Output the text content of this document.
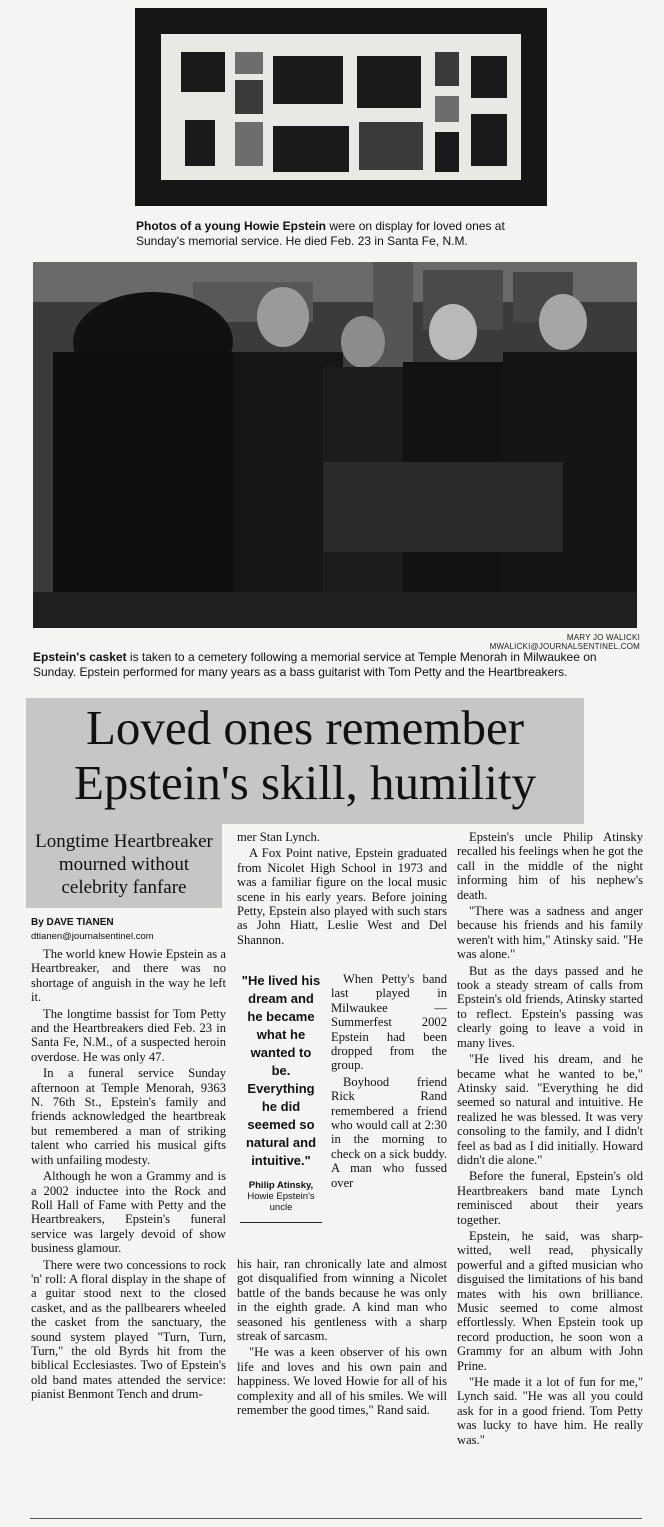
Photos of a young Howie Epstein were on display for loved ones at Sunday's memorial service. He died Feb. 23 in Santa Fe, N.M.
MARY JO WALICKI MWALICKI@JOURNALSENTINEL.COM
Epstein's casket is taken to a cemetery following a memorial service at Temple Menorah in Milwaukee on Sunday. Epstein performed for many years as a bass guitarist with Tom Petty and the Heartbreakers.
Loved ones remember Epstein's skill, humility
Longtime Heartbreaker mourned without celebrity fanfare
By DAVE TIANEN
dtianen@journalsentinel.com

The world knew Howie Epstein as a Heartbreaker, and there was no shortage of anguish in the way he left it.

The longtime bassist for Tom Petty and the Heartbreakers died Feb. 23 in Santa Fe, N.M., of a suspected heroin overdose. He was only 47.

In a funeral service Sunday afternoon at Temple Menorah, 9363 N. 76th St., Epstein's family and friends acknowledged the heartbreak but remembered a man of striking talent who carried his musical gifts with unfailing modesty.

Although he won a Grammy and is a 2002 inductee into the Rock and Roll Hall of Fame with Petty and the Heartbreakers, Epstein's funeral service was largely devoid of show business glamour.

There were two concessions to rock 'n' roll: A floral display in the shape of a guitar stood next to the closed casket, and as the pallbearers wheeled the casket from the sanctuary, the sound system played "Turn, Turn, Turn," the old Byrds hit from the biblical Ecclesiastes. Two of Epstein's old band mates attended the service: pianist Benmont Tench and drum-

mer Stan Lynch.

A Fox Point native, Epstein graduated from Nicolet High School in 1973 and was a familiar figure on the local music scene in his early years. Before joining Petty, Epstein also played with such stars as John Hiatt, Leslie West and Del Shannon.

"He lived his dream and he became what he wanted to be. Everything he did seemed so natural and intuitive."
Philip Atinsky,
Howie Epstein's uncle

When Petty's band last played in Milwaukee — Summerfest 2002 Epstein had been dropped from the group.

Boyhood friend Rick Rand remembered a friend who would call at 2:30 in the morning to check on a sick buddy. A man who fussed over

his hair, ran chronically late and almost got disqualified from winning a Nicolet battle of the bands because he was only in the eighth grade. A kind man who seasoned his gentleness with a sharp streak of sarcasm.

"He was a keen observer of his own life and loves and his own pain and happiness. We loved Howie for all of his complexity and all of his smiles. We will remember the good times," Rand said.

Epstein's uncle Philip Atinsky recalled his feelings when he got the call in the middle of the night informing him of his nephew's death.

"There was a sadness and anger because his friends and his family weren't with him," Atinsky said. "He was alone."

But as the days passed and he took a steady stream of calls from Epstein's old friends, Atinsky started to reflect. Epstein's passing was clearly going to leave a void in many lives.

"He lived his dream, and he became what he wanted to be," Atinsky said. "Everything he did seemed so natural and intuitive. He realized he was blessed. It was very consoling to the family, and I didn't feel as bad as I did initially. Howard didn't die alone."

Before the funeral, Epstein's old Heartbreakers band mate Lynch reminisced about their years together.

Epstein, he said, was sharp-witted, well read, physically powerful and a gifted musician who disguised the limitations of his band mates with his own brilliance. Music seemed to come almost effortlessly. When Epstein took up record production, he soon won a Grammy for an album with John Prine.

"He made it a lot of fun for me," Lynch said. "He was all you could ask for in a good friend. Tom Petty was lucky to have him. He really was."
